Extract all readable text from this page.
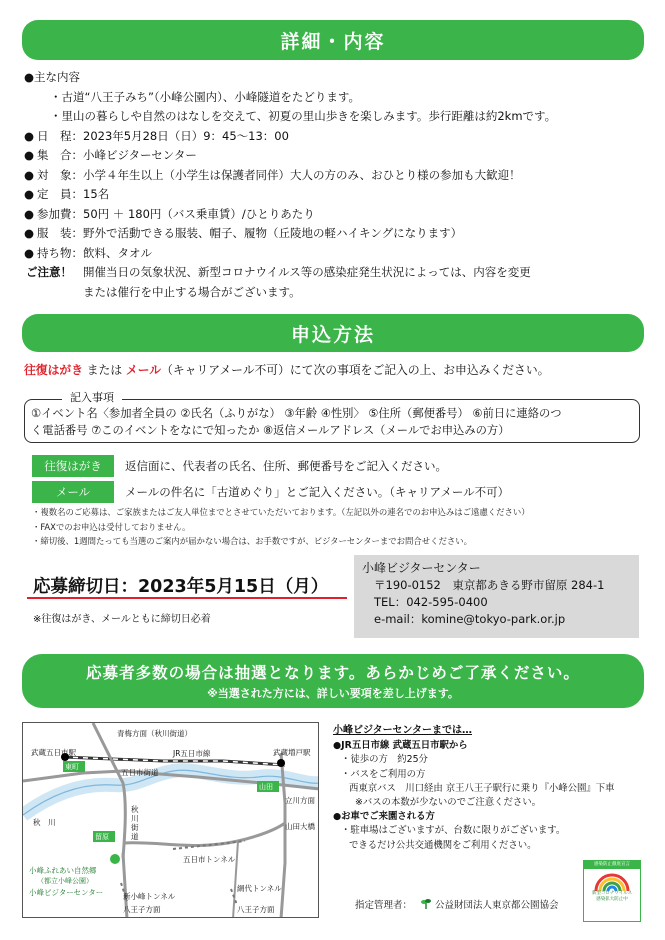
詳細・内容
●主な内容
・古道“八王子みち”（小峰公園内）、小峰隧道をたどります。
・里山の暮らしや自然のはなしを交えて、初夏の里山歩きを楽しみます。歩行距離は約2kmです。
● 日　程： 2023年5月28日（日）9：45～13：00
● 集　合： 小峰ビジターセンター
● 対　象： 小学４年生以上（小学生は保護者同伴）大人の方のみ、おひとり様の参加も大歓迎！
● 定　員： 15名
● 参加費： 50円 ＋ 180円（バス乗車賃）/ひとりあたり
● 服　装： 野外で活動できる服装、帽子、履物（丘陵地の軽ハイキングになります）
● 持ち物： 飲料、タオル
ご注意！ 開催当日の気象状況、新型コロナウイルス等の感染症発生状況によっては、内容を変更
または催行を中止する場合がございます。
申込方法
往復はがき または メール（キャリアメール不可）にて次の事項をご記入の上、お申込みください。
①イベント名〈参加者全員の ②氏名（ふりがな） ③年齢 ④性別〉 ⑤住所（郵便番号） ⑥前日に連絡のつ
く電話番号 ⑦このイベントをなにで知ったか ⑧返信メールアドレス（メールでお申込みの方）
記入事項
往復はがき	返信面に、代表者の氏名、住所、郵便番号をご記入ください。
メール	メールの件名に「古道めぐり」とご記入ください。（キャリアメール不可）
・複数名のご応募は、ご家族またはご友人単位までとさせていただいております。（左記以外の連名でのお申込みはご遠慮ください）
・FAXでのお申込は受付しておりません。
・締切後、1週間たっても当選のご案内が届かない場合は、お手数ですが、ビジターセンターまでお問合せください。
応募締切日：2023年5月15日（月）
※往復はがき、メールともに締切日必着
小峰ビジターセンター
〒190-0152　東京都あきる野市留原 284-1
TEL：042-595-0400
e-mail：komine@tokyo-park.or.jp
応募者多数の場合は抽選となります。あらかじめご了承ください。
※当選された方には、詳しい要項を差し上げます。
青梅方面（秋川街道）
武蔵五日市駅	JR五日市線	武蔵増戸駅
東町
五日市街道
山田
立川方面
秋　川
秋
川
街
道
山田大橋
留原
五日市トンネル
小峰ふれあい自然郷
（都立小峰公園）
小峰ビジターセンター	新小峰トンネル
八王子方面
網代トンネル
八王子方面
小峰ビジターセンターまでは…
●JR五日市線 武蔵五日市駅から
・徒歩の方　約25分
・バスをご利用の方
西東京バス　川口経由 京王八王子駅行に乗り『小峰公園』下車
※バスの本数が少ないのでご注意ください。
●お車でご来園される方
・駐車場はございますが、台数に限りがございます。
できるだけ公共交通機関をご利用ください。
感染防止徹底宣言
新型コロナウイルス
感染拡大防止中
指定管理者： 公益財団法人東京都公園協会
